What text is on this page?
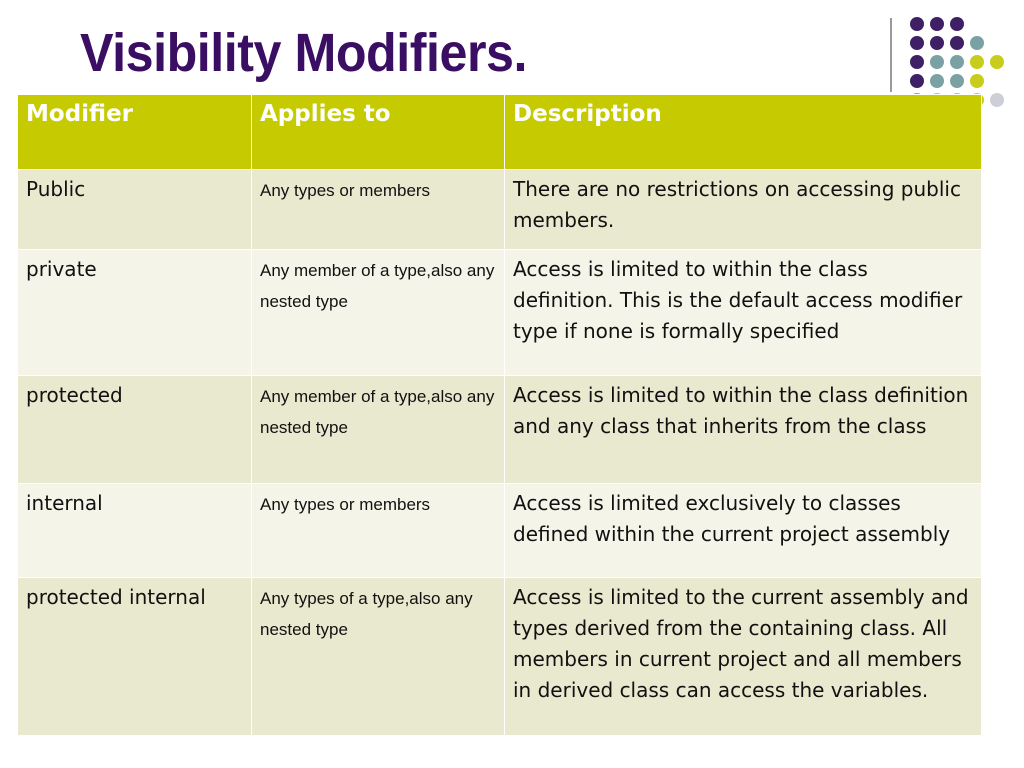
Visibility Modifiers.
Modifier	Applies to	Description
Public	Any types or members	There are no restrictions on accessing public members.
private	Any member of a type,also any nested type	Access is limited to within the class definition. This is the default access modifier type if none is formally specified
protected	Any member of a type,also any nested type	Access is limited to within the class definition and any class that inherits from the class
internal	Any types or members	Access is limited exclusively to classes defined within the current project assembly
protected internal	Any types of a type,also any nested type	Access is limited to the current assembly and types derived from the containing class. All members in current project and all members in derived class can access the variables.
